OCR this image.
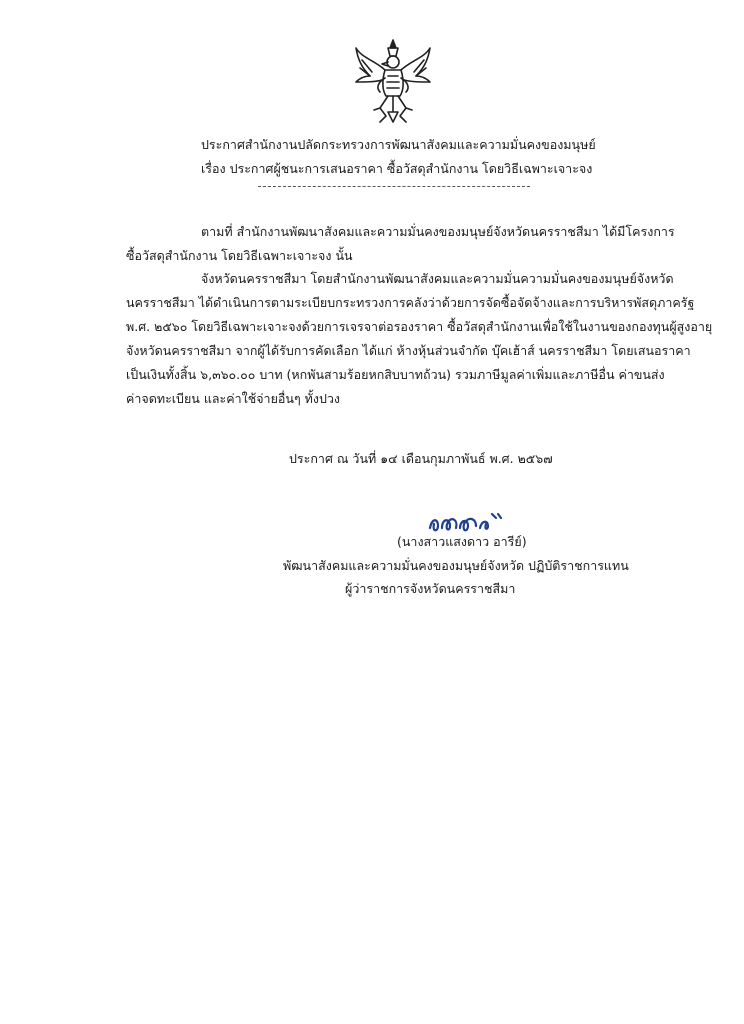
ประกาศสำนักงานปลัดกระทรวงการพัฒนาสังคมและความมั่นคงของมนุษย์
เรื่อง ประกาศผู้ชนะการเสนอราคา ซื้อวัสดุสำนักงาน โดยวิธีเฉพาะเจาะจง
ตามที่ สำนักงานพัฒนาสังคมและความมั่นคงของมนุษย์จังหวัดนครราชสีมา ได้มีโครงการ
ซื้อวัสดุสำนักงาน โดยวิธีเฉพาะเจาะจง นั้น
จังหวัดนครราชสีมา โดยสำนักงานพัฒนาสังคมและความมั่นความมั่นคงของมนุษย์จังหวัด
นครราชสีมา ได้ดำเนินการตามระเบียบกระทรวงการคลังว่าด้วยการจัดซื้อจัดจ้างและการบริหารพัสดุภาครัฐ
พ.ศ. ๒๕๖๐ โดยวิธีเฉพาะเจาะจงด้วยการเจรจาต่อรองราคา ซื้อวัสดุสำนักงานเพื่อใช้ในงานของกองทุนผู้สูงอายุ
จังหวัดนครราชสีมา จากผู้ได้รับการคัดเลือก ได้แก่ ห้างหุ้นส่วนจำกัด บุ๊คเฮ้าส์ นครราชสีมา โดยเสนอราคา
เป็นเงินทั้งสิ้น ๖,๓๖๐.๐๐ บาท (หกพันสามร้อยหกสิบบาทถ้วน) รวมภาษีมูลค่าเพิ่มและภาษีอื่น ค่าขนส่ง
ค่าจดทะเบียน และค่าใช้จ่ายอื่นๆ ทั้งปวง
ประกาศ ณ วันที่ ๑๔ เดือนกุมภาพันธ์ พ.ศ. ๒๕๖๗
(นางสาวแสงดาว อารีย์)
พัฒนาสังคมและความมั่นคงของมนุษย์จังหวัด ปฏิบัติราชการแทน
ผู้ว่าราชการจังหวัดนครราชสีมา
